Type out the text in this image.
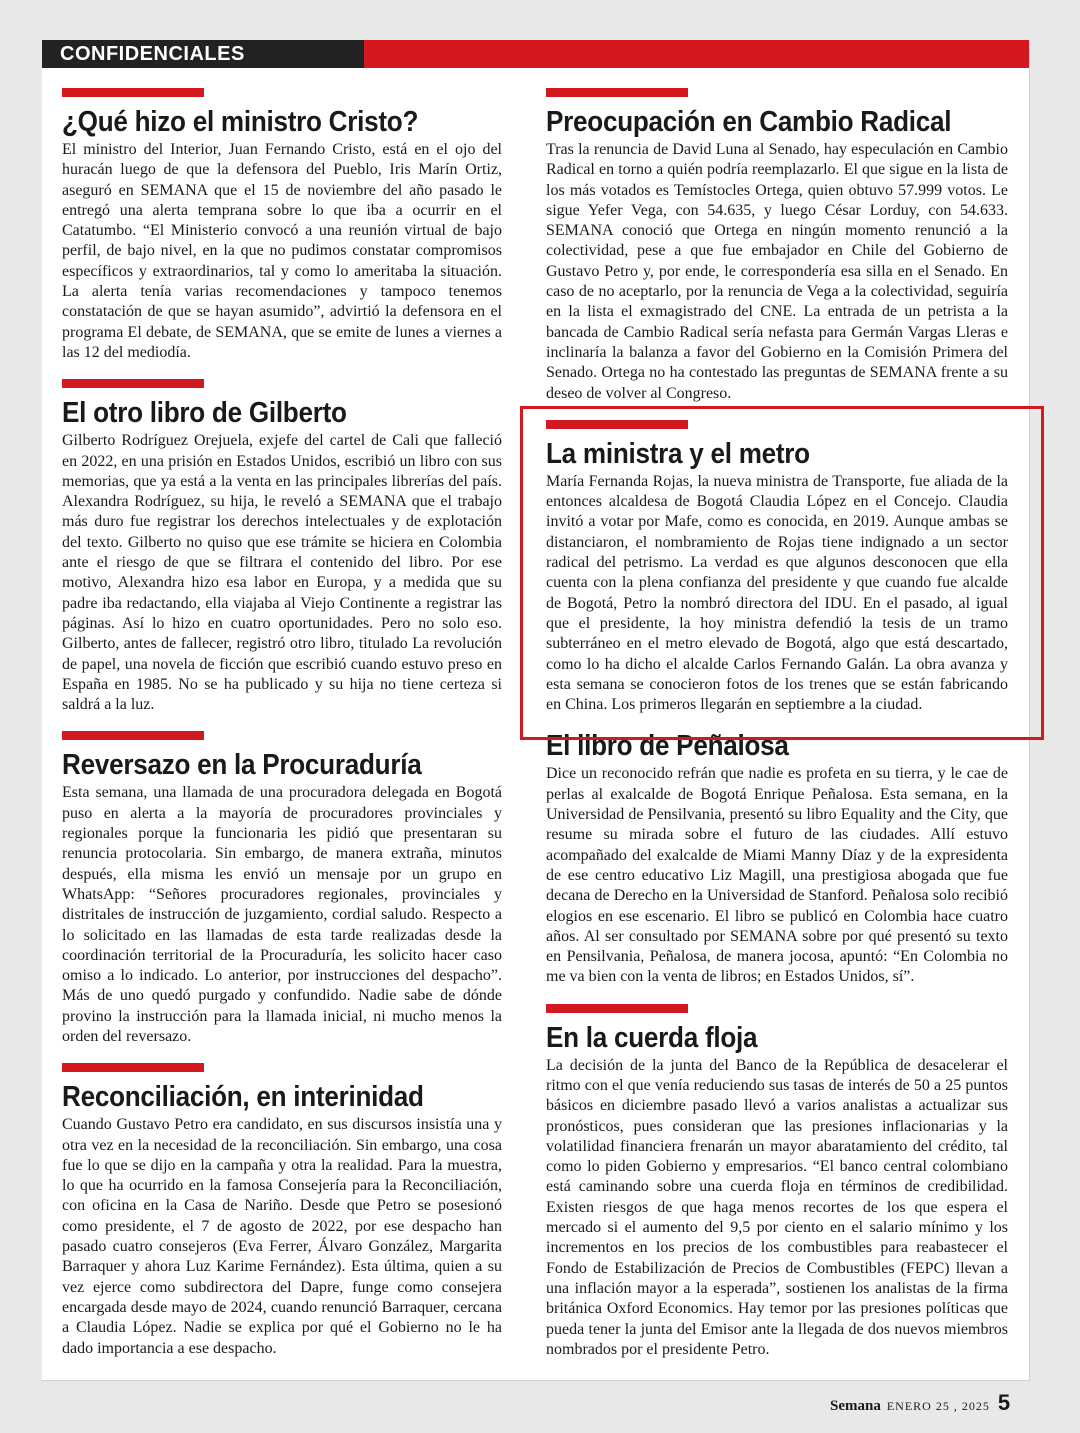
CONFIDENCIALES
¿Qué hizo el ministro Cristo?

El ministro del Interior, Juan Fernando Cristo, está en el ojo del huracán luego de que la defensora del Pueblo, Iris Marín Ortiz, aseguró en SEMANA que el 15 de noviembre del año pasado le entregó una alerta temprana sobre lo que iba a ocurrir en el Catatumbo. “El Ministerio convocó a una reunión virtual de bajo perfil, de bajo nivel, en la que no pudimos constatar compromisos específicos y extraordinarios, tal y como lo ameritaba la situación. La alerta tenía varias recomendaciones y tampoco tenemos constatación de que se hayan asumido”, advirtió la defensora en el programa El debate, de SEMANA, que se emite de lunes a viernes a las 12 del mediodía.

El otro libro de Gilberto

Gilberto Rodríguez Orejuela, exjefe del cartel de Cali que falleció en 2022, en una prisión en Estados Unidos, escribió un libro con sus memorias, que ya está a la venta en las principales librerías del país. Alexandra Rodríguez, su hija, le reveló a SEMANA que el trabajo más duro fue registrar los derechos intelectuales y de explotación del texto. Gilberto no quiso que ese trámite se hiciera en Colombia ante el riesgo de que se filtrara el contenido del libro. Por ese motivo, Alexandra hizo esa labor en Europa, y a medida que su padre iba redactando, ella viajaba al Viejo Continente a registrar las páginas. Así lo hizo en cuatro oportunidades. Pero no solo eso. Gilberto, antes de fallecer, registró otro libro, titulado La revolución de papel, una novela de ficción que escribió cuando estuvo preso en España en 1985. No se ha publicado y su hija no tiene certeza si saldrá a la luz.

Reversazo en la Procuraduría

Esta semana, una llamada de una procuradora delegada en Bogotá puso en alerta a la mayoría de procuradores provinciales y regionales porque la funcionaria les pidió que presentaran su renuncia protocolaria. Sin embargo, de manera extraña, minutos después, ella misma les envió un mensaje por un grupo en WhatsApp: “Señores procuradores regionales, provinciales y distritales de instrucción de juzgamiento, cordial saludo. Respecto a lo solicitado en las llamadas de esta tarde realizadas desde la coordinación territorial de la Procuraduría, les solicito hacer caso omiso a lo indicado. Lo anterior, por instrucciones del despacho”. Más de uno quedó purgado y confundido. Nadie sabe de dónde provino la instrucción para la llamada inicial, ni mucho menos la orden del reversazo.

Reconciliación, en interinidad

Cuando Gustavo Petro era candidato, en sus discursos insistía una y otra vez en la necesidad de la reconciliación. Sin embargo, una cosa fue lo que se dijo en la campaña y otra la realidad. Para la muestra, lo que ha ocurrido en la famosa Consejería para la Reconciliación, con oficina en la Casa de Nariño. Desde que Petro se posesionó como presidente, el 7 de agosto de 2022, por ese despacho han pasado cuatro consejeros (Eva Ferrer, Álvaro González, Margarita Barraquer y ahora Luz Karime Fernández). Esta última, quien a su vez ejerce como subdirectora del Dapre, funge como consejera encargada desde mayo de 2024, cuando renunció Barraquer, cercana a Claudia López. Nadie se explica por qué el Gobierno no le ha dado importancia a ese despacho.

Preocupación en Cambio Radical

Tras la renuncia de David Luna al Senado, hay especulación en Cambio Radical en torno a quién podría reemplazarlo. El que sigue en la lista de los más votados es Temístocles Ortega, quien obtuvo 57.999 votos. Le sigue Yefer Vega, con 54.635, y luego César Lorduy, con 54.633. SEMANA conoció que Ortega en ningún momento renunció a la colectividad, pese a que fue embajador en Chile del Gobierno de Gustavo Petro y, por ende, le correspondería esa silla en el Senado. En caso de no aceptarlo, por la renuncia de Vega a la colectividad, seguiría en la lista el exmagistrado del CNE. La entrada de un petrista a la bancada de Cambio Radical sería nefasta para Germán Vargas Lleras e inclinaría la balanza a favor del Gobierno en la Comisión Primera del Senado. Ortega no ha contestado las preguntas de SEMANA frente a su deseo de volver al Congreso.

La ministra y el metro

María Fernanda Rojas, la nueva ministra de Transporte, fue aliada de la entonces alcaldesa de Bogotá Claudia López en el Concejo. Claudia invitó a votar por Mafe, como es conocida, en 2019. Aunque ambas se distanciaron, el nombramiento de Rojas tiene indignado a un sector radical del petrismo. La verdad es que algunos desconocen que ella cuenta con la plena confianza del presidente y que cuando fue alcalde de Bogotá, Petro la nombró directora del IDU. En el pasado, al igual que el presidente, la hoy ministra defendió la tesis de un tramo subterráneo en el metro elevado de Bogotá, algo que está descartado, como lo ha dicho el alcalde Carlos Fernando Galán. La obra avanza y esta semana se conocieron fotos de los trenes que se están fabricando en China. Los primeros llegarán en septiembre a la ciudad.

El libro de Peñalosa

Dice un reconocido refrán que nadie es profeta en su tierra, y le cae de perlas al exalcalde de Bogotá Enrique Peñalosa. Esta semana, en la Universidad de Pensilvania, presentó su libro Equality and the City, que resume su mirada sobre el futuro de las ciudades. Allí estuvo acompañado del exalcalde de Miami Manny Díaz y de la expresidenta de ese centro educativo Liz Magill, una prestigiosa abogada que fue decana de Derecho en la Universidad de Stanford. Peñalosa solo recibió elogios en ese escenario. El libro se publicó en Colombia hace cuatro años. Al ser consultado por SEMANA sobre por qué presentó su texto en Pensilvania, Peñalosa, de manera jocosa, apuntó: “En Colombia no me va bien con la venta de libros; en Estados Unidos, sí”.

En la cuerda floja

La decisión de la junta del Banco de la República de desacelerar el ritmo con el que venía reduciendo sus tasas de interés de 50 a 25 puntos básicos en diciembre pasado llevó a varios analistas a actualizar sus pronósticos, pues consideran que las presiones inflacionarias y la volatilidad financiera frenarán un mayor abaratamiento del crédito, tal como lo piden Gobierno y empresarios. “El banco central colombiano está caminando sobre una cuerda floja en términos de credibilidad. Existen riesgos de que haga menos recortes de los que espera el mercado si el aumento del 9,5 por ciento en el salario mínimo y los incrementos en los precios de los combustibles para reabastecer el Fondo de Estabilización de Precios de Combustibles (FEPC) llevan a una inflación mayor a la esperada”, sostienen los analistas de la firma británica Oxford Economics. Hay temor por las presiones políticas que pueda tener la junta del Emisor ante la llegada de dos nuevos miembros nombrados por el presidente Petro.

Semana ENERO 25 , 2025 5
